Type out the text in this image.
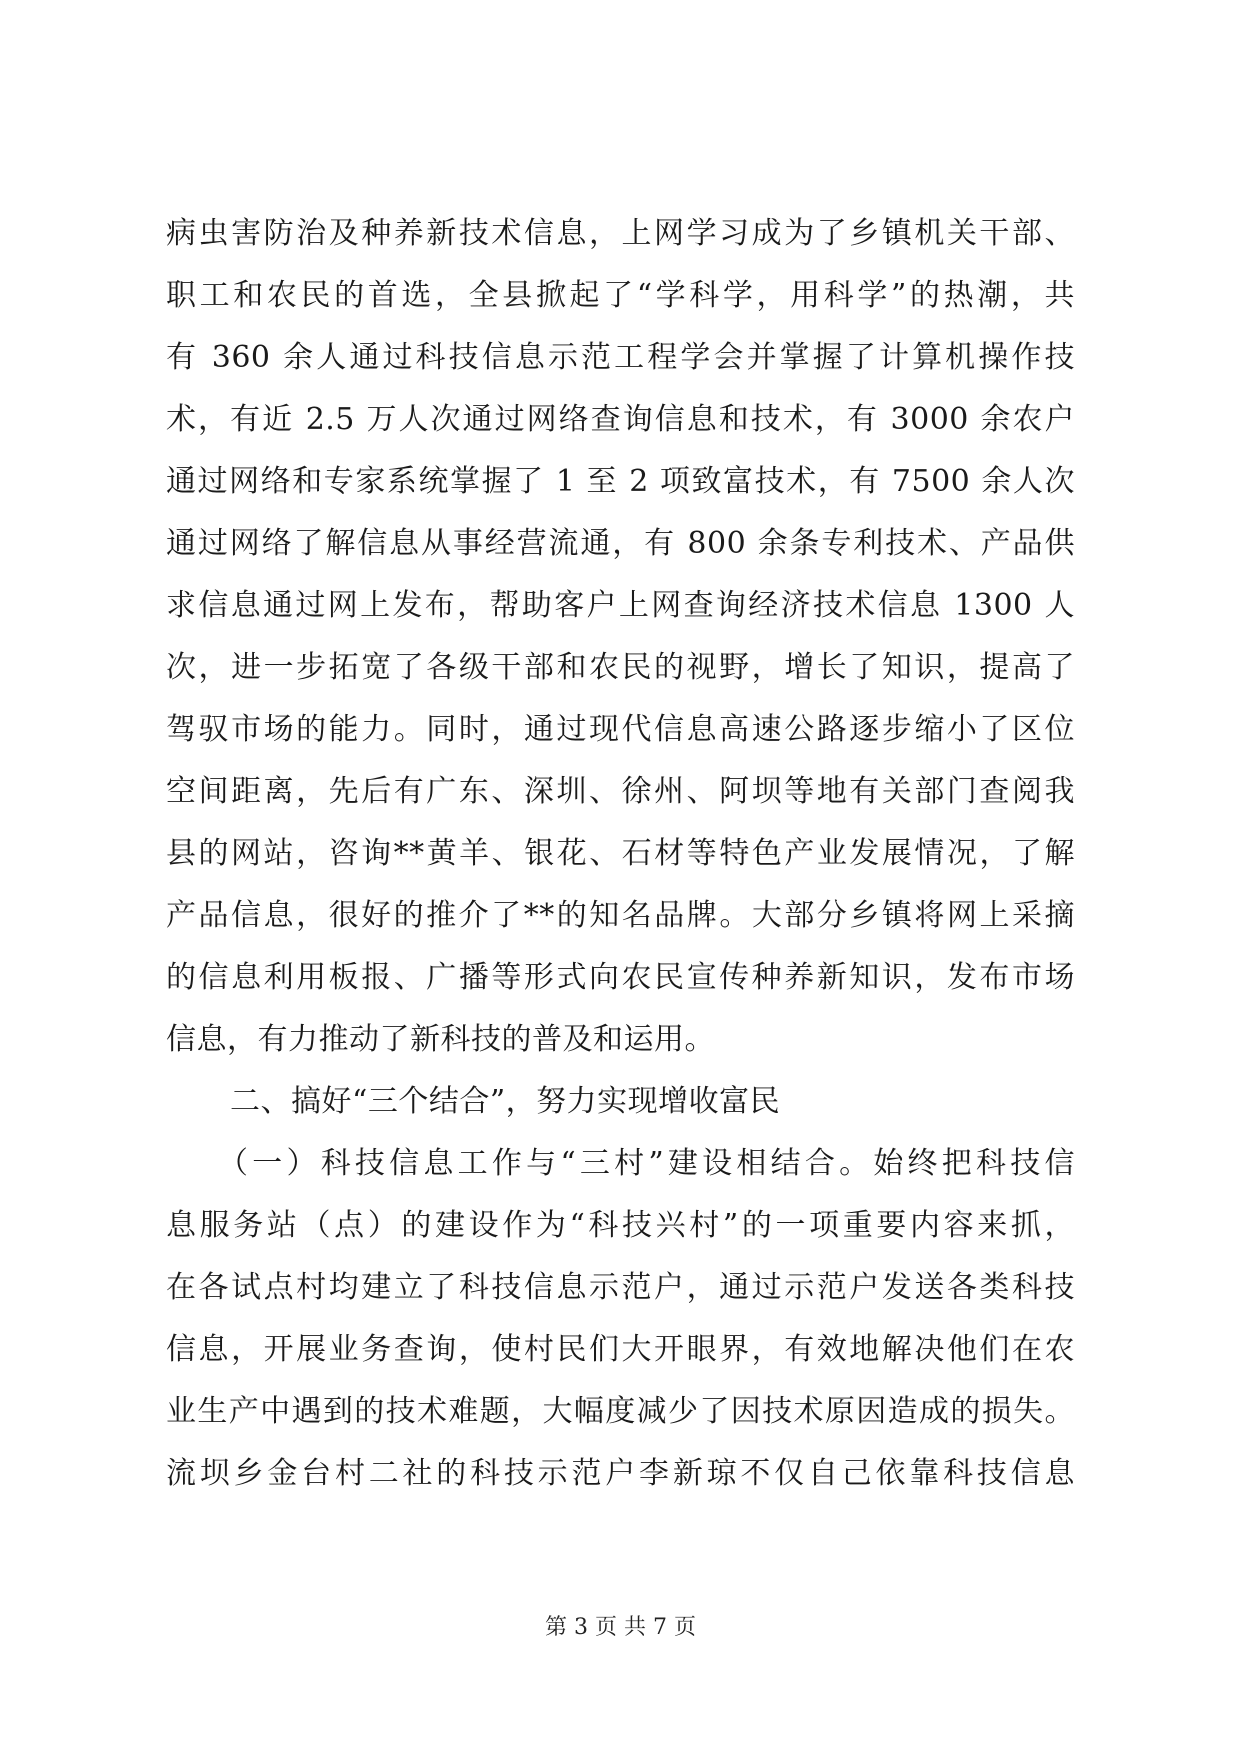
病虫害防治及种养新技术信息，上网学习成为了乡镇机关干部、
职工和农民的首选，全县掀起了“学科学，用科学”的热潮，共
有 360 余人通过科技信息示范工程学会并掌握了计算机操作技
术，有近 2.5 万人次通过网络查询信息和技术，有 3000 余农户
通过网络和专家系统掌握了 1 至 2 项致富技术，有 7500 余人次
通过网络了解信息从事经营流通，有 800 余条专利技术、产品供
求信息通过网上发布，帮助客户上网查询经济技术信息 1300 人
次，进一步拓宽了各级干部和农民的视野，增长了知识，提高了
驾驭市场的能力。同时，通过现代信息高速公路逐步缩小了区位
空间距离，先后有广东、深圳、徐州、阿坝等地有关部门查阅我
县的网站，咨询**黄羊、银花、石材等特色产业发展情况，了解
产品信息，很好的推介了**的知名品牌。大部分乡镇将网上采摘
的信息利用板报、广播等形式向农民宣传种养新知识，发布市场
信息，有力推动了新科技的普及和运用。
二、搞好“三个结合”，努力实现增收富民
（一）科技信息工作与“三村”建设相结合。始终把科技信
息服务站（点）的建设作为“科技兴村”的一项重要内容来抓，
在各试点村均建立了科技信息示范户，通过示范户发送各类科技
信息，开展业务查询，使村民们大开眼界，有效地解决他们在农
业生产中遇到的技术难题，大幅度减少了因技术原因造成的损失。
流坝乡金台村二社的科技示范户李新琼不仅自己依靠科技信息
第 3 页 共 7 页
